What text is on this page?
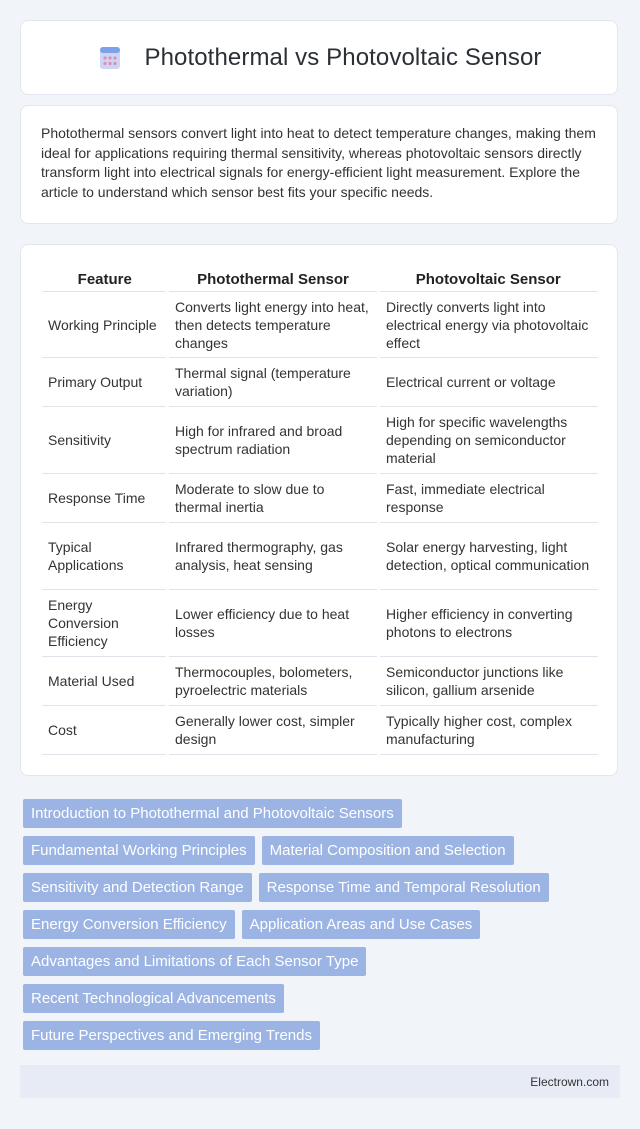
Photothermal vs Photovoltaic Sensor
Photothermal sensors convert light into heat to detect temperature changes, making them ideal for applications requiring thermal sensitivity, whereas photovoltaic sensors directly transform light into electrical signals for energy-efficient light measurement. Explore the article to understand which sensor best fits your specific needs.
Feature	Photothermal Sensor	Photovoltaic Sensor
Working Principle	Converts light energy into heat, then detects temperature changes	Directly converts light into electrical energy via photovoltaic effect
Primary Output	Thermal signal (temperature variation)	Electrical current or voltage
Sensitivity	High for infrared and broad spectrum radiation	High for specific wavelengths depending on semiconductor material
Response Time	Moderate to slow due to thermal inertia	Fast, immediate electrical response
Typical Applications	Infrared thermography, gas analysis, heat sensing	Solar energy harvesting, light detection, optical communication
Energy Conversion Efficiency	Lower efficiency due to heat losses	Higher efficiency in converting photons to electrons
Material Used	Thermocouples, bolometers, pyroelectric materials	Semiconductor junctions like silicon, gallium arsenide
Cost	Generally lower cost, simpler design	Typically higher cost, complex manufacturing
Introduction to Photothermal and Photovoltaic Sensors
Fundamental Working Principles Material Composition and Selection
Sensitivity and Detection Range Response Time and Temporal Resolution
Energy Conversion Efficiency Application Areas and Use Cases
Advantages and Limitations of Each Sensor Type
Recent Technological Advancements
Future Perspectives and Emerging Trends
Electrown.com
